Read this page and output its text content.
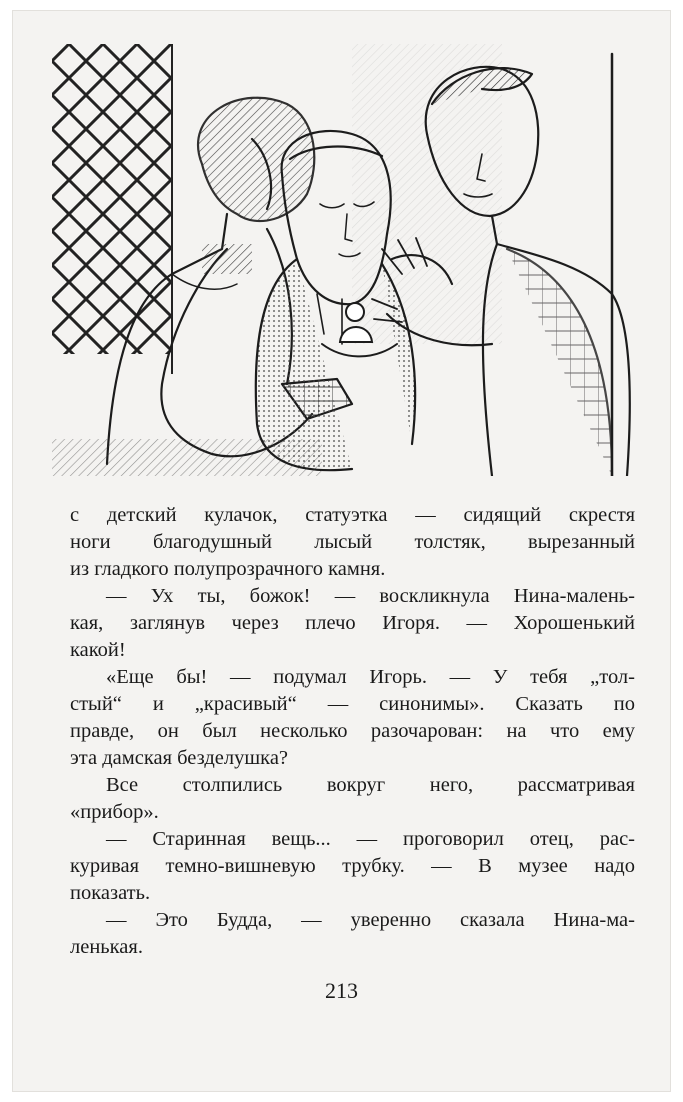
с детский кулачок, статуэтка — сидящий скрестя

ноги благодушный лысый толстяк, вырезанный

из гладкого полупрозрачного камня.

— Ух ты, божок! — воскликнула Нина-малень-

кая, заглянув через плечо Игоря. — Хорошенький

какой!

«Еще бы! — подумал Игорь. — У тебя „тол-

стый“ и „красивый“ — синонимы». Сказать по

правде, он был несколько разочарован: на что ему

эта дамская безделушка?

Все столпились вокруг него, рассматривая

«прибор».

— Старинная вещь... — проговорил отец, рас-

куривая темно-вишневую трубку. — В музее надо

показать.

— Это Будда, — уверенно сказала Нина-ма-

ленькая.

213
